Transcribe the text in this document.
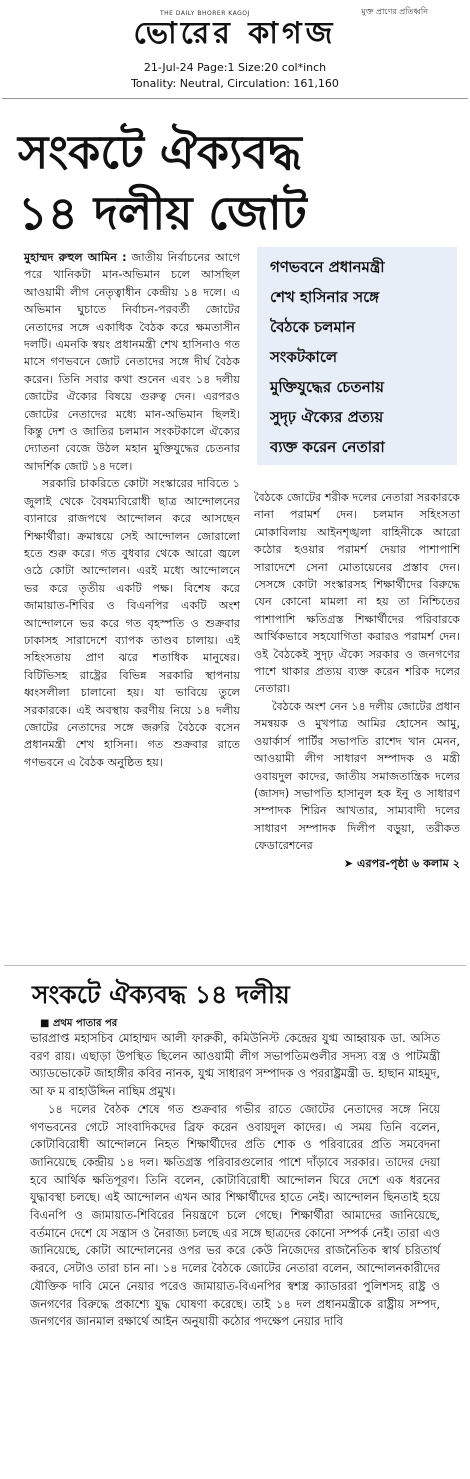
THE DAILY BHORER KAGOJ	মুক্ত প্রাণের প্রতিধ্বনি
ভোরের কাগজ
21-Jul-24 Page:1 Size:20 col*inch
Tonality: Neutral, Circulation: 161,160
সংকটে ঐক্যবদ্ধ
১৪ দলীয় জোট

মুহাম্মদ রুহুল আমিন : জাতীয় নির্বাচনের আগে পরে খানিকটা মান-অভিমান চলে আসছিল আওয়ামী লীগ নেতৃত্বাধীন কেন্দ্রীয় ১৪ দলে। এ অভিমান ঘুচাতে নির্বাচন-পরবর্তী জোটের নেতাদের সঙ্গে একাধিক বৈঠক করে ক্ষমতাসীন দলটি। এমনকি স্বয়ং প্রধানমন্ত্রী শেখ হাসিনাও গত মাসে গণভবনে জোট নেতাদের সঙ্গে দীর্ঘ বৈঠক করেন। তিনি সবার কথা শুনেন এবং ১৪ দলীয় জোটের ঐক্যের বিষয়ে গুরুত্ব দেন। এরপরও জোটের নেতাদের মধ্যে মান-অভিমান ছিলই। কিন্তু দেশ ও জাতির চলমান সংকটকালে ঐক্যের দ্যোতনা বেজে উঠল মহান মুক্তিযুদ্ধের চেতনার আদর্শিক জোট ১৪ দলে।

সরকারি চাকরিতে কোটা সংস্কারের দাবিতে ১ জুলাই থেকে বৈষম্যবিরোধী ছাত্র আন্দোলনের ব্যানারে রাজপথে আন্দোলন করে আসছেন শিক্ষার্থীরা। ক্রমান্বয়ে সেই আন্দোলন জোরালো হতে শুরু করে। গত বুধবার থেকে আরো জ্বলে ওঠে কোটা আন্দোলন। এরই মধ্যে আন্দোলনে ভর করে তৃতীয় একটি পক্ষ। বিশেষ করে জামায়াত-শিবির ও বিএনপির একটি অংশ আন্দোলনে ভর করে গত বৃহস্পতি ও শুক্রবার ঢাকাসহ সারাদেশে ব্যাপক তাণ্ডব চালায়। এই সহিংসতায় প্রাণ ঝরে শতাধিক মানুষের। বিটিভিসহ রাষ্ট্রের বিভিন্ন সরকারি স্থাপনায় ধ্বংসলীলা চালানো হয়। যা ভাবিয়ে তুলে সরকারকে। এই অবস্থায় করণীয় নিয়ে ১৪ দলীয় জোটের নেতাদের সঙ্গে জরুরি বৈঠকে বসেন প্রধানমন্ত্রী শেখ হাসিনা। গত শুক্রবার রাতে গণভবনে এ বৈঠক অনুষ্ঠিত হয়।

গণভবনে প্রধানমন্ত্রী
শেখ হাসিনার সঙ্গে
বৈঠকে চলমান
সংকটকালে
মুক্তিযুদ্ধের চেতনায়
সুদৃঢ় ঐক্যের প্রত্যয়
ব্যক্ত করেন নেতারা

বৈঠকে জোটের শরীক দলের নেতারা সরকারকে নানা পরামর্শ দেন। চলমান সহিংসতা মোকাবিলায় আইনশৃঙ্খলা বাহিনীকে আরো কঠোর হওয়ার পরামর্শ দেয়ার পাশাপাশি সারাদেশে সেনা মোতায়েনের প্রস্তাব দেন। সেসঙ্গে কোটা সংস্কারসহ শিক্ষার্থীদের বিরুদ্ধে যেন কোনো মামলা না হয় তা নিশ্চিতের পাশাপাশি ক্ষতিগ্রস্ত শিক্ষার্থীদের পরিবারকে আর্থিকভাবে সহযোগিতা করারও পরামর্শ দেন। ওই বৈঠকেই সুদৃঢ় ঐক্যে সরকার ও জনগণের পাশে থাকার প্রত্যয় ব্যক্ত করেন শরিক দলের নেতারা।

বৈঠকে অংশ নেন ১৪ দলীয় জোটের প্রধান সমন্বয়ক ও মুখপাত্র আমির হোসেন আমু, ওয়ার্কার্স পার্টির সভাপতি রাশেদ খান মেনন, আওয়ামী লীগ সাধারণ সম্পাদক ও মন্ত্রী ওবায়দুল কাদের, জাতীয় সমাজতান্ত্রিক দলের (জাসদ) সভাপতি হাসানুল হক ইনু ও সাধারণ সম্পাদক শিরিন আখতার, সাম্যবাদী দলের সাধারণ সম্পাদক দিলীপ বড়ুয়া, তরীকত ফেডারেশনের

➤ এরপর-পৃষ্ঠা ৬ কলাম ২

সংকটে ঐক্যবদ্ধ ১৪ দলীয়
■ প্রথম পাতার পর

ভারপ্রাপ্ত মহাসচিব মোহাম্মদ আলী ফারুকী, কমিউনিস্ট কেন্দ্রের যুগ্ম আহ্বায়ক ডা. অসিত বরণ রায়। এছাড়া উপস্থিত ছিলেন আওয়ামী লীগ সভাপতিমণ্ডলীর সদস্য বস্ত্র ও পাটমন্ত্রী অ্যাডভোকেট জাহাঙ্গীর কবির নানক, যুগ্ম সাধারণ সম্পাদক ও পররাষ্ট্রমন্ত্রী ড. হাছান মাহমুদ, আ ফ ম বাহাউদ্দিন নাছিম প্রমুখ।

১৪ দলের বৈঠক শেষে গত শুক্রবার গভীর রাতে জোটের নেতাদের সঙ্গে নিয়ে গণভবনের গেটে সাংবাদিকদের ব্রিফ করেন ওবায়দুল কাদের। এ সময় তিনি বলেন, কোটাবিরোধী আন্দোলনে নিহত শিক্ষার্থীদের প্রতি শোক ও পরিবারের প্রতি সমবেদনা জানিয়েছে কেন্দ্রীয় ১৪ দল। ক্ষতিগ্রস্ত পরিবারগুলোর পাশে দাঁড়াবে সরকার। তাদের দেয়া হবে আর্থিক ক্ষতিপূরণ। তিনি বলেন, কোটাবিরোধী আন্দোলন ঘিরে দেশে এক ধরনের যুদ্ধাবস্থা চলছে। এই আন্দোলন এখন আর শিক্ষার্থীদের হাতে নেই। আন্দোলন ছিনতাই হয়ে বিএনপি ও জামায়াত-শিবিরের নিয়ন্ত্রণে চলে গেছে। শিক্ষার্থীরা আমাদের জানিয়েছে, বর্তমানে দেশে যে সন্ত্রাস ও নৈরাজ্য চলছে এর সঙ্গে ছাত্রদের কোনো সম্পর্ক নেই। তারা এও জানিয়েছে, কোটা আন্দোলনের ওপর ভর করে কেউ নিজেদের রাজনৈতিক স্বার্থ চরিতার্থ করবে, সেটাও তারা চান না। ১৪ দলের বৈঠকে জোটের নেতারা বলেন, আন্দোলনকারীদের যৌক্তিক দাবি মেনে নেয়ার পরেও জামায়াত-বিএনপির স্বশস্ত্র ক্যাডাররা পুলিশসহ রাষ্ট্র ও জনগণের বিরুদ্ধে প্রকাশ্যে যুদ্ধ ঘোষণা করেছে। তাই ১৪ দল প্রধানমন্ত্রীকে রাষ্ট্রীয় সম্পদ, জনগণের জানমাল রক্ষার্থে আইন অনুযায়ী কঠোর পদক্ষেপ নেয়ার দাবি
